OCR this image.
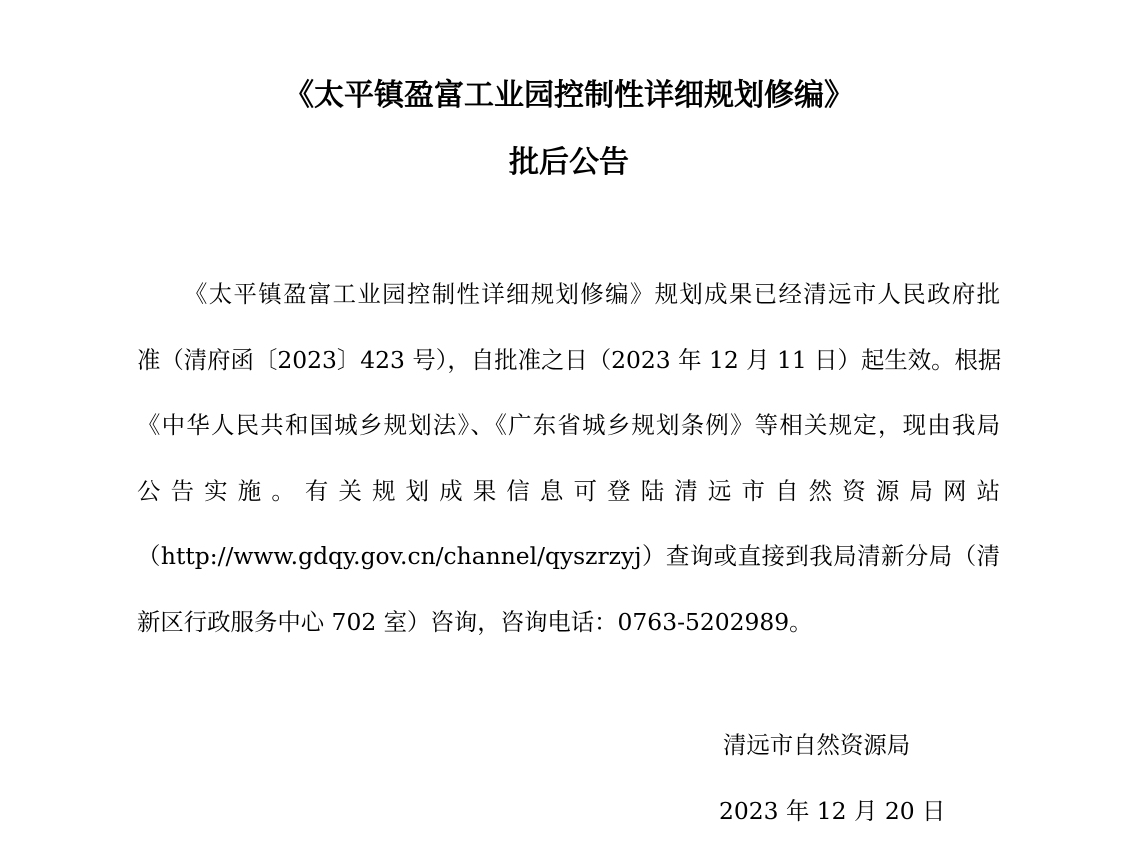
《太平镇盈富工业园控制性详细规划修编》
批后公告
《太平镇盈富工业园控制性详细规划修编》规划成果已经清远市人民政府批
准（清府函〔2023〕423 号），自批准之日（2023 年 12 月 11 日）起生效。根据
《中华人民共和国城乡规划法》、《广东省城乡规划条例》等相关规定，现由我局
公告实施。有关规划成果信息可登陆清远市自然资源局网站
（http://www.gdqy.gov.cn/channel/qyszrzyj）查询或直接到我局清新分局（清
新区行政服务中心 702 室）咨询，咨询电话：0763-5202989。
清远市自然资源局
2023 年 12 月 20 日
